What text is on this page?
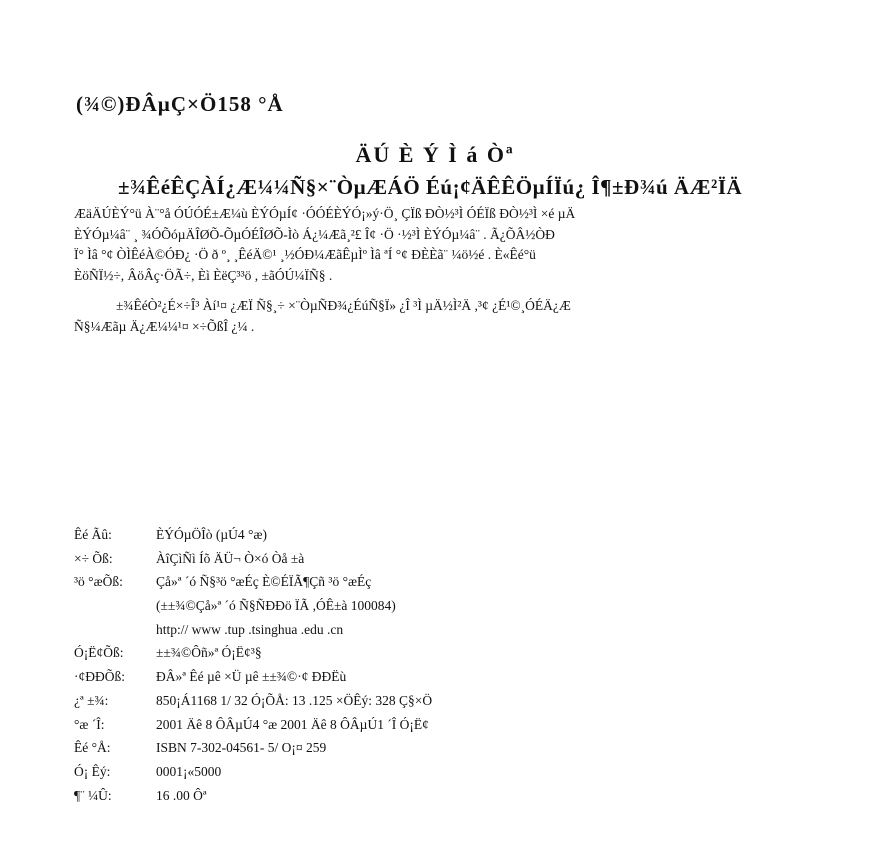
(¾©)ÐÂµÇ×Ö158 °Å
ÄÚ È Ý Ì á Òª
±¾ÊéÊÇÀÍ¿Æ¼¼Ñ§×¨ÒµÆÁÖ Éú¡¢ÄÊÊÖµÍÏú¿ Î¶±Ð¾ú ÄÆ²ÏÄ
ÆäÄÚÈÝ°ü À¨°å ÓÚÓÉ±Æ¼ù ÈÝÓµÍ¢ ·ÓÓÉÈÝÓ¡»ý·Ö¸ ÇÏß ÐÒ½³Ì ÓÉÏß ÐÒ½³Ì ×é µÄ
ÈÝÓµ¼â¨ ¸ ¾ÓÕóµÄÎØÕ-ÕµÓÉÎØÕ-Ìò Á¿¼Æã¸²£ Î¢ ·Ö ·½³Ì ÈÝÓµ¼â¨ . Ã¿ÕÂ½ÒÐ
Ï° Ìâ °¢ ÒÌÊéÀ©ÓÐ¿ ·Ö ð º¸ ¸ÊéÄ©¹ ¸½ÓÐ¼ÆãÊµÌº Ìâ ªÍ °¢ ÐÈÈã¨ ¼ö½é . È«Êé°ü
ÈöÑÏ½÷, ÂöÂç·ÖÃ÷, Èì ÈëÇ³³ö , ±ãÓÚ¼ÏÑ§ .
±¾ÊéÒ²¿É×÷Î³ Àí¹¤ ¿ÆÏ Ñ§¸÷ ×¨ÒµÑÐ¾¿ÉúÑ§Ï» ¿Î ³Ì µÄ½Ì²Ä ,³¢ ¿É¹©¸ÓÉÄ¿Æ
Ñ§¼Æãµ Ä¿Æ¼¼¹¤ ×÷ÕßÎ ¿¼ .
Êé Ãû:	ÈÝÓµÖÎò (µÚ4 °æ)
×÷ Õß:	ÀîÇìÑì Íõ ÄÜ¬ Ò×ó Òå ±à
³ö °æÕß:	Çå»ª ´ó Ñ§³ö °æÉç È©ÉÏÃ¶Çñ ³ö °æÉç
(±±¾©Çå»ª ´ó Ñ§ÑÐÐö ÏÃ ,ÓÊ±à 100084)
http:// www .tup .tsinghua .edu .cn
Ó¡Ë¢Õß:	±±¾©Ôñ»ª Ó¡Ë¢³§
·¢ÐÐÕß:	ÐÂ»ª Êé µê ×Ü µê ±±¾©·¢ ÐÐËù
¿ª ±¾:	850¡Á1168 1/ 32 Ó¡ÕÅ: 13 .125 ×ÖÊý: 328 Ç§×Ö
°æ ´Î:	2001 Äê 8 ÔÂµÚ4 °æ 2001 Äê 8 ÔÂµÚ1 ´Î Ó¡Ë¢
Êé °Å:	ISBN 7-302-04561- 5/ O¡¤ 259
Ó¡ Êý:	0001¡«5000
¶¨ ¼Û:	16 .00 Ôª
